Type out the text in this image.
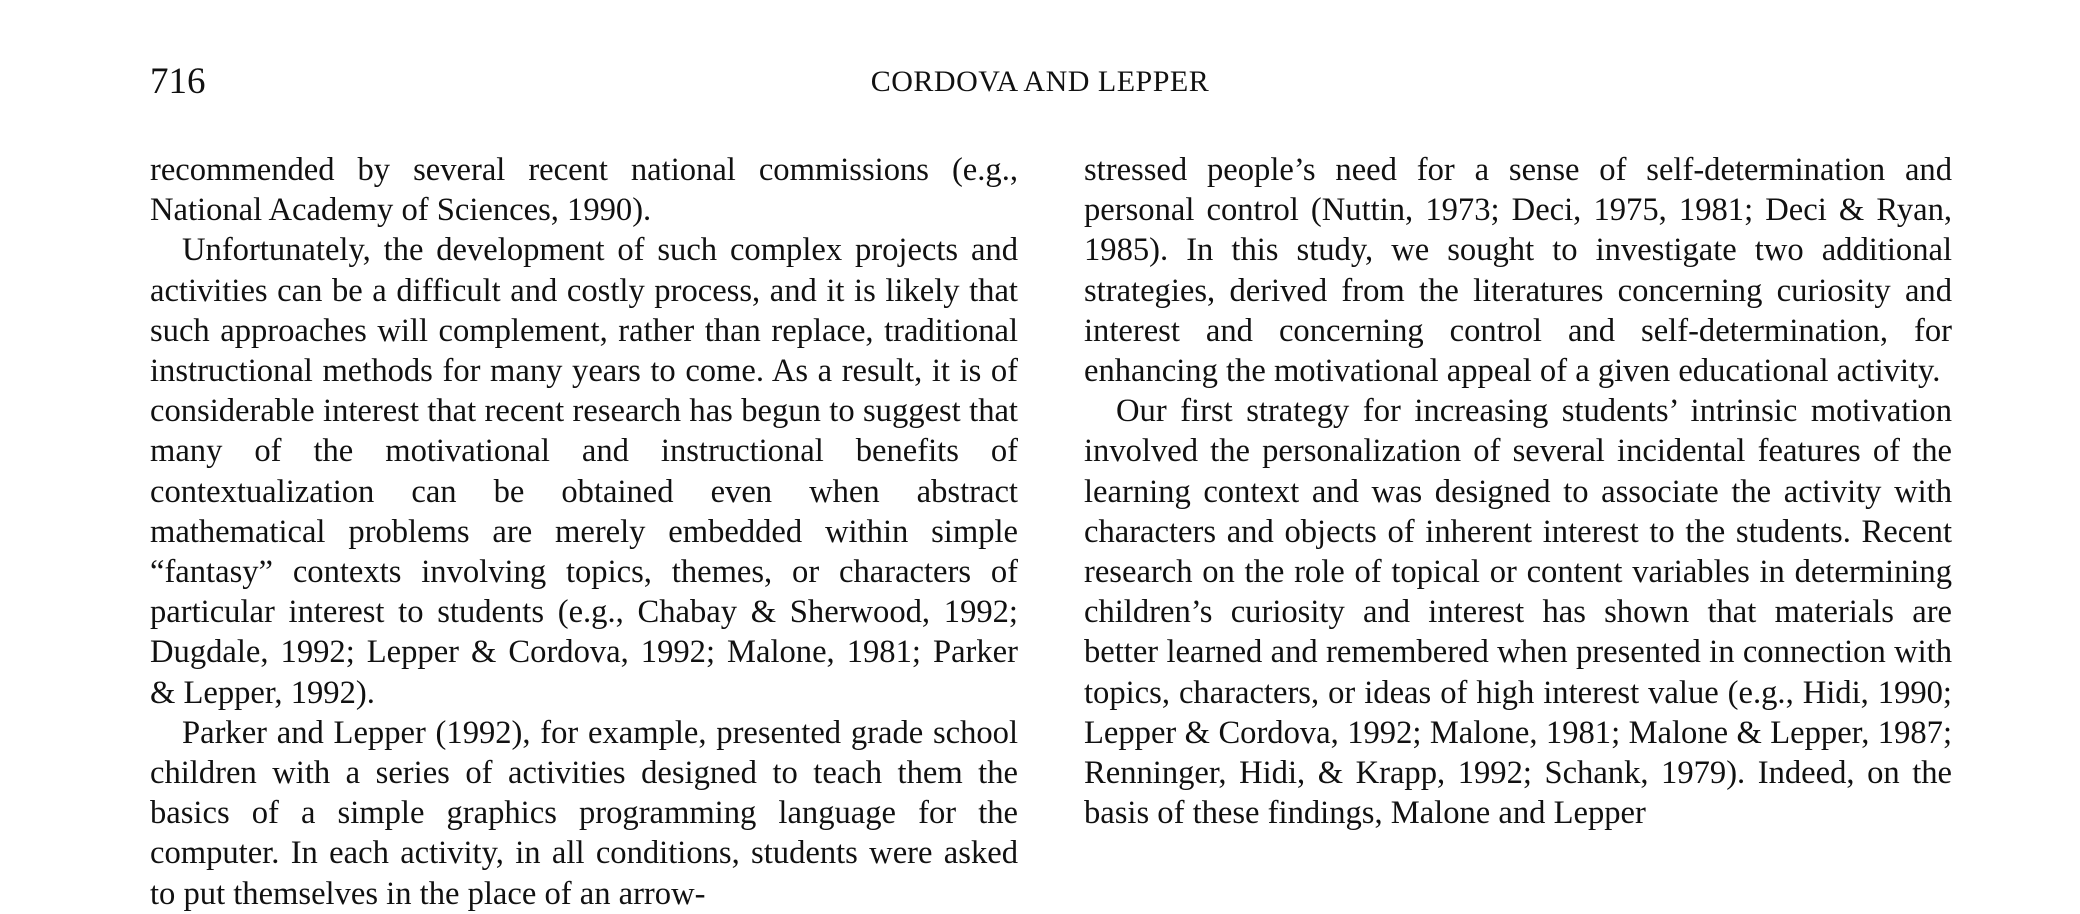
716	CORDOVA AND LEPPER

recommended by several recent national commissions (e.g., National Academy of Sciences, 1990).

Unfortunately, the development of such complex projects and activities can be a difficult and costly process, and it is likely that such approaches will complement, rather than replace, traditional instructional methods for many years to come. As a result, it is of considerable interest that recent research has begun to suggest that many of the motivational and instructional benefits of contextualization can be obtained even when abstract mathematical problems are merely embedded within simple “fantasy” contexts involving topics, themes, or characters of particular interest to students (e.g., Chabay & Sherwood, 1992; Dugdale, 1992; Lepper & Cordova, 1992; Malone, 1981; Parker & Lepper, 1992).

Parker and Lepper (1992), for example, presented grade school children with a series of activities designed to teach them the basics of a simple graphics programming language for the computer. In each activity, in all conditions, students were asked to put themselves in the place of an arrow-

stressed people’s need for a sense of self-determination and personal control (Nuttin, 1973; Deci, 1975, 1981; Deci & Ryan, 1985). In this study, we sought to investigate two additional strategies, derived from the literatures concerning curiosity and interest and concerning control and self-determination, for enhancing the motivational appeal of a given educational activity.

Our first strategy for increasing students’ intrinsic motivation involved the personalization of several incidental features of the learning context and was designed to associate the activity with characters and objects of inherent interest to the students. Recent research on the role of topical or content variables in determining children’s curiosity and interest has shown that materials are better learned and remembered when presented in connection with topics, characters, or ideas of high interest value (e.g., Hidi, 1990; Lepper & Cordova, 1992; Malone, 1981; Malone & Lepper, 1987; Renninger, Hidi, & Krapp, 1992; Schank, 1979). Indeed, on the basis of these findings, Malone and Lepper
